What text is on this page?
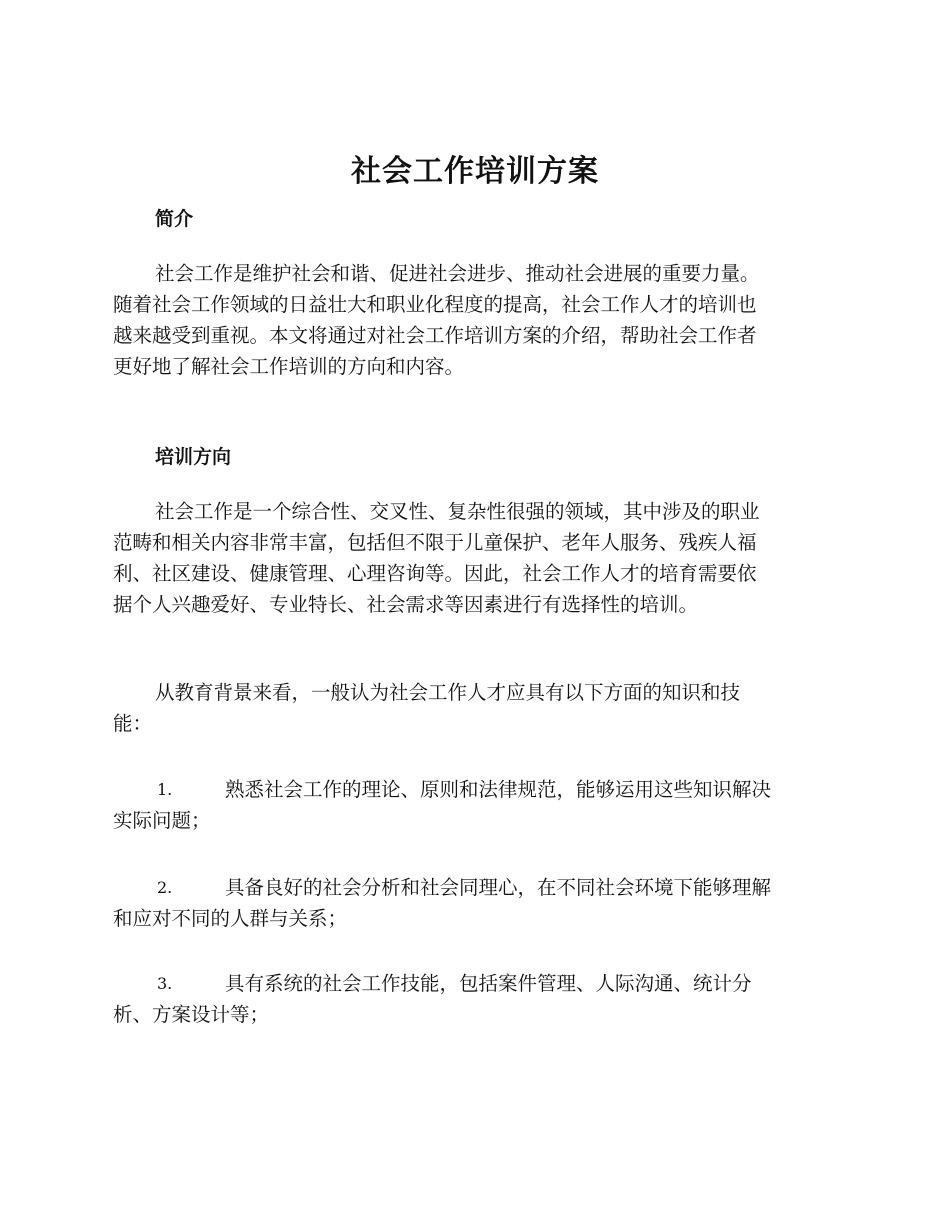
社会工作培训方案
简介
社会工作是维护社会和谐、促进社会进步、推动社会进展的重要力量。
随着社会工作领域的日益壮大和职业化程度的提高，社会工作人才的培训也
越来越受到重视。本文将通过对社会工作培训方案的介绍，帮助社会工作者
更好地了解社会工作培训的方向和内容。
培训方向
社会工作是一个综合性、交叉性、复杂性很强的领域，其中涉及的职业
范畴和相关内容非常丰富，包括但不限于儿童保护、老年人服务、残疾人福
利、社区建设、健康管理、心理咨询等。因此，社会工作人才的培育需要依
据个人兴趣爱好、专业特长、社会需求等因素进行有选择性的培训。
从教育背景来看，一般认为社会工作人才应具有以下方面的知识和技
能：
1.	熟悉社会工作的理论、原则和法律规范，能够运用这些知识解决
实际问题；
2.	具备良好的社会分析和社会同理心，在不同社会环境下能够理解
和应对不同的人群与关系；
3.	具有系统的社会工作技能，包括案件管理、人际沟通、统计分
析、方案设计等；
